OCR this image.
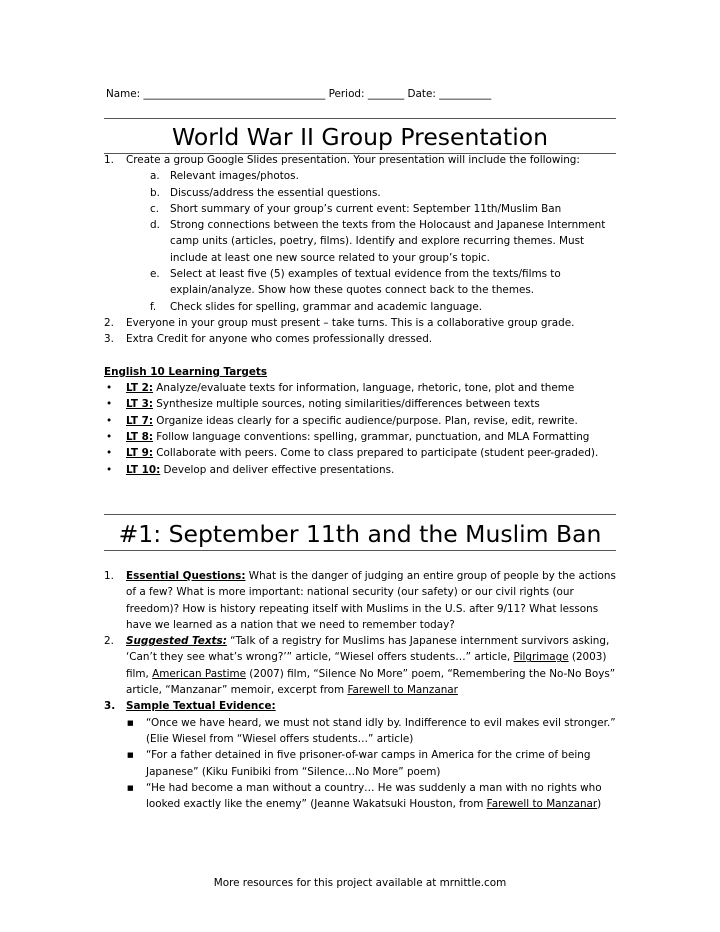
Name: ___________________________________ Period: _______ Date: __________
World War II Group Presentation
1.	Create a group Google Slides presentation. Your presentation will include the following:
a. Relevant images/photos.
b. Discuss/address the essential questions.
c. Short summary of your group’s current event: September 11th/Muslim Ban
d. Strong connections between the texts from the Holocaust and Japanese Internment camp units (articles, poetry, films). Identify and explore recurring themes. Must include at least one new source related to your group’s topic.
e. Select at least five (5) examples of textual evidence from the texts/films to explain/analyze. Show how these quotes connect back to the themes.
f. Check slides for spelling, grammar and academic language.
2.	Everyone in your group must present – take turns. This is a collaborative group grade.
3.	Extra Credit for anyone who comes professionally dressed.
English 10 Learning Targets
• LT 2: Analyze/evaluate texts for information, language, rhetoric, tone, plot and theme
• LT 3: Synthesize multiple sources, noting similarities/differences between texts
• LT 7: Organize ideas clearly for a specific audience/purpose. Plan, revise, edit, rewrite.
• LT 8: Follow language conventions: spelling, grammar, punctuation, and MLA Formatting
• LT 9: Collaborate with peers. Come to class prepared to participate (student peer-graded).
• LT 10: Develop and deliver effective presentations.
#1: September 11th and the Muslim Ban
1.	Essential Questions: What is the danger of judging an entire group of people by the actions of a few? What is more important: national security (our safety) or our civil rights (our freedom)? How is history repeating itself with Muslims in the U.S. after 9/11? What lessons have we learned as a nation that we need to remember today?
2.	Suggested Texts: “Talk of a registry for Muslims has Japanese internment survivors asking, ‘Can’t they see what’s wrong?’” article, “Wiesel offers students…” article, Pilgrimage (2003) film, American Pastime (2007) film, “Silence No More” poem, “Remembering the No-No Boys” article, “Manzanar” memoir, excerpt from Farewell to Manzanar
3.	Sample Textual Evidence:
■ “Once we have heard, we must not stand idly by. Indifference to evil makes evil stronger.” (Elie Wiesel from “Wiesel offers students…” article)
■ “For a father detained in five prisoner-of-war camps in America for the crime of being Japanese” (Kiku Funibiki from “Silence…No More” poem)
■ “He had become a man without a country… He was suddenly a man with no rights who looked exactly like the enemy” (Jeanne Wakatsuki Houston, from Farewell to Manzanar)
More resources for this project available at mrnittle.com
